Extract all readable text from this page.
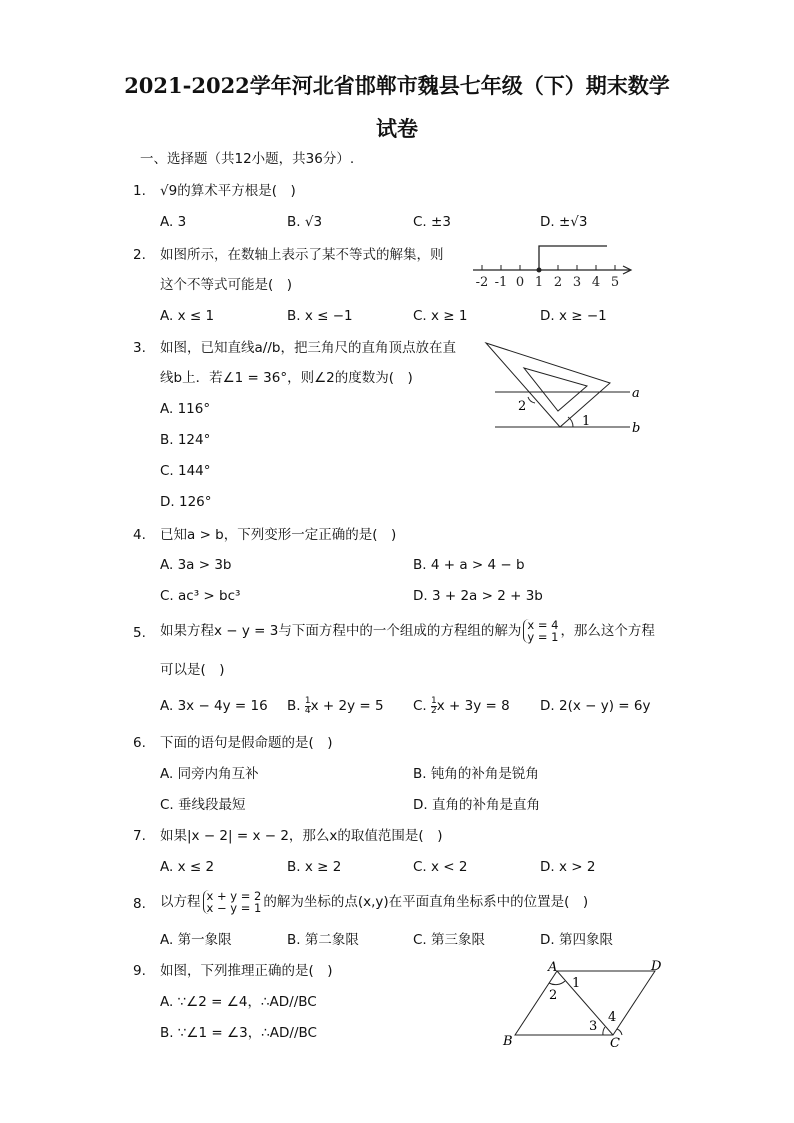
2021-2022学年河北省邯郸市魏县七年级（下）期末数学
试卷
一、选择题（共12小题，共36分）.
1. √9的算术平方根是(　)
A. 3	B. √3	C. ±3	D. ±√3
2. 如图所示，在数轴上表示了某不等式的解集，则
这个不等式可能是(　)	-2 -1 0 1 2 3 4 5
A. x ≤ 1	B. x ≤ −1	C. x ≥ 1	D. x ≥ −1
3. 如图，已知直线a//b，把三角尺的直角顶点放在直
线b上．若∠1 = 36°，则∠2的度数为(　)
a
b
1
2
A. 116°
B. 124°
C. 144°
D. 126°
4. 已知a > b，下列变形一定正确的是(　)
A. 3a > 3b	B. 4 + a > 4 − b
C. ac³ > bc³	D. 3 + 2a > 2 + 3b
5. 如果方程x − y = 3与下面方程中的一个组成的方程组的解为 x = 4
y = 1 ，那么这个方程
可以是(　)
A. 3x − 4y = 16 B. $\frac{1}{4}$ x + 2y = 5 C. $\frac{1}{2}$ x + 3y = 8 D. 2(x − y) = 6y
6. 下面的语句是假命题的是(　)
A. 同旁内角互补	B. 钝角的补角是锐角
C. 垂线段最短	D. 直角的补角是直角
7. 如果|x − 2| = x − 2，那么x的取值范围是(　)
A. x ≤ 2	B. x ≥ 2	C. x < 2	D. x > 2
8. 以方程 x + y = 2
x − y = 1 的解为坐标的点(x,y)在平面直角坐标系中的位置是(　)
A. 第一象限	B. 第二象限	C. 第三象限	D. 第四象限
9. 如图，下列推理正确的是(　)
A. ∵∠2 = ∠4，∴AD//BC
B. ∵∠1 = ∠3，∴AD//BC
A	D
B	C
1
2
3
4
